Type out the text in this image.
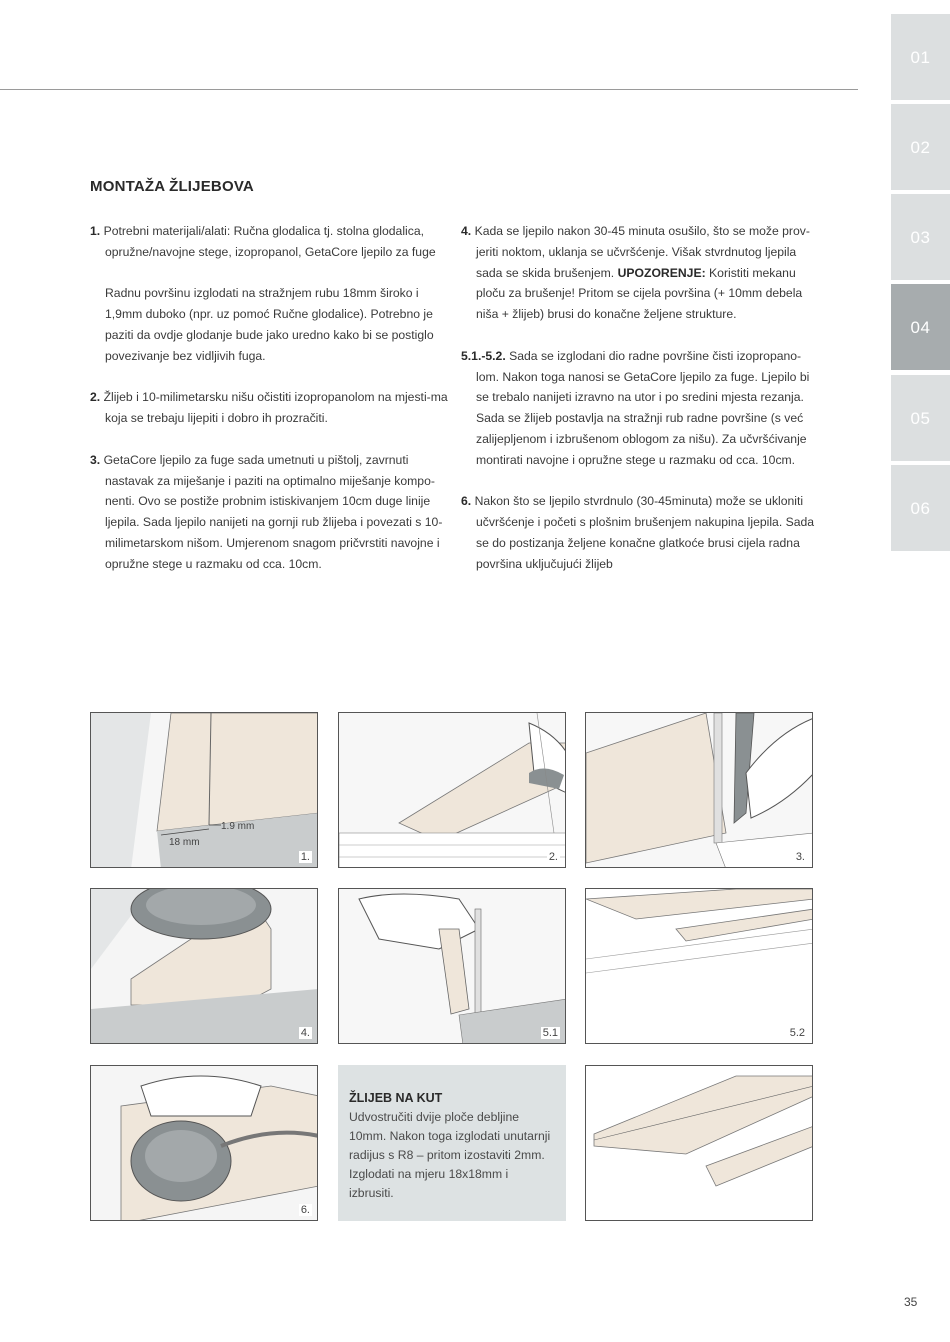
01
02
03
04
05
06
MONTAŽA ŽLIJEBOVA

1. Potrebni materijali/alati: Ručna glodalica tj. stolna glodalica, opružne/navojne stege, izopropanol, GetaCore ljepilo za fuge

Radnu površinu izglodati na stražnjem rubu 18mm široko i 1,9mm duboko (npr. uz pomoć Ručne glodalice). Potrebno je paziti da ovdje glodanje bude jako uredno kako bi se postiglo povezivanje bez vidljivih fuga.

2. Žlijeb i 10-milimetarsku nišu očistiti izopropanolom na mjesti-ma koja se trebaju lijepiti i dobro ih prozračiti.

3. GetaCore ljepilo za fuge sada umetnuti u pištolj, zavrnuti nastavak za miješanje i paziti na optimalno miješanje kompo-nenti. Ovo se postiže probnim istiskivanjem 10cm duge linije ljepila. Sada ljepilo nanijeti na gornji rub žlijeba i povezati s 10-milimetarskom nišom. Umjerenom snagom pričvrstiti navojne i opružne stege u razmaku od cca. 10cm.

4. Kada se ljepilo nakon 30-45 minuta osušilo, što se može prov-jeriti noktom, uklanja se učvršćenje. Višak stvrdnutog ljepila sada se skida brušenjem. UPOZORENJE: Koristiti mekanu ploču za brušenje! Pritom se cijela površina (+ 10mm debela niša + žlijeb) brusi do konačne željene strukture.

5.1.-5.2. Sada se izglodani dio radne površine čisti izopropano-lom. Nakon toga nanosi se GetaCore ljepilo za fuge. Ljepilo bi se trebalo nanijeti izravno na utor i po sredini mjesta rezanja. Sada se žlijeb postavlja na stražnji rub radne površine (s već zalijepljenom i izbrušenom oblogom za nišu). Za učvršćivanje montirati navojne i opružne stege u razmaku od cca. 10cm.

6. Nakon što se ljepilo stvrdnulo (30-45minuta) može se ukloniti učvršćenje i početi s plošnim brušenjem nakupina ljepila. Sada se do postizanja željene konačne glatkoće brusi cijela radna površina uključujući žlijeb

1.9 mm
18 mm
1.	2.	3.
4.	5.1	5.2
6.
ŽLIJEB NA KUT
Udvostručiti dvije ploče debljine 10mm. Nakon toga izglodati unutarnji radijus s R8 – pritom izostaviti 2mm. Izglodati na mjeru 18x18mm i izbrusiti.
35
